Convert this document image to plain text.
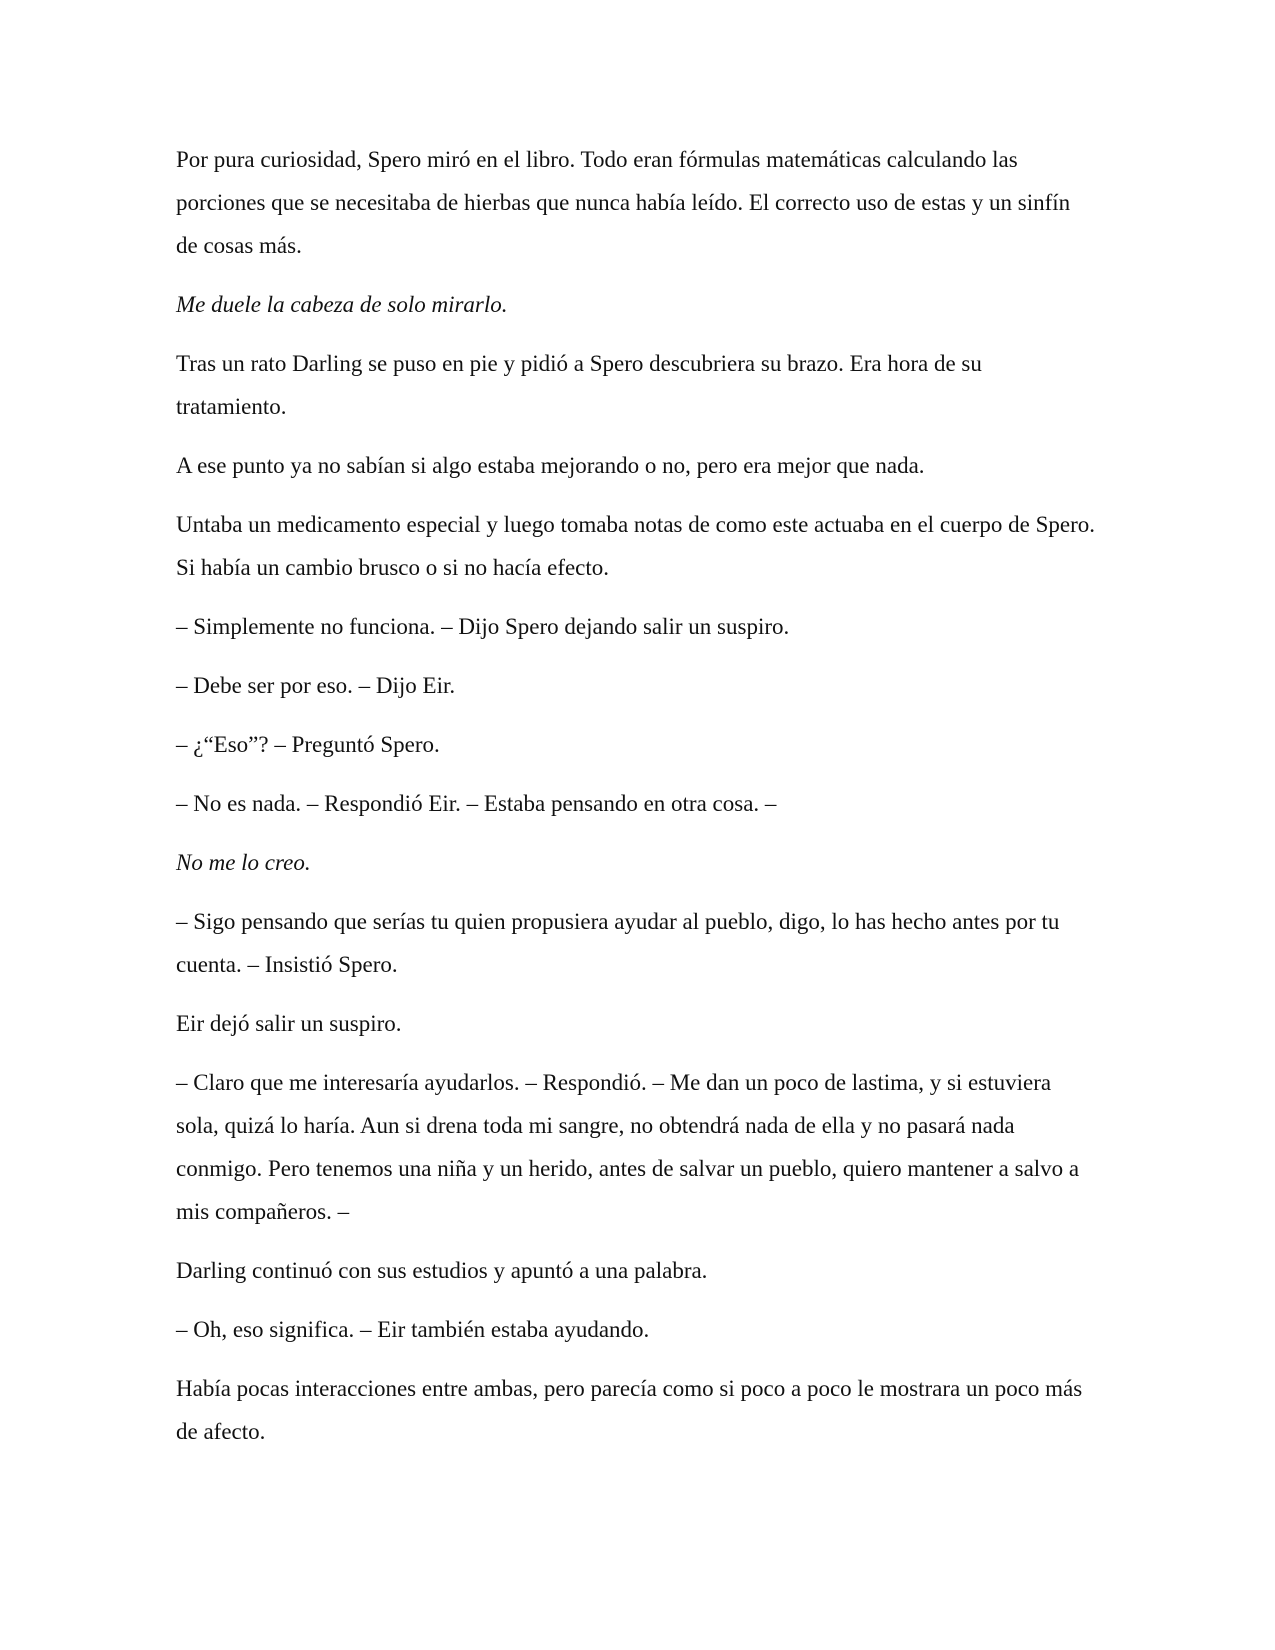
Por pura curiosidad, Spero miró en el libro. Todo eran fórmulas matemáticas calculando las porciones que se necesitaba de hierbas que nunca había leído. El correcto uso de estas y un sinfín de cosas más.

Me duele la cabeza de solo mirarlo.

Tras un rato Darling se puso en pie y pidió a Spero descubriera su brazo. Era hora de su tratamiento.

A ese punto ya no sabían si algo estaba mejorando o no, pero era mejor que nada.

Untaba un medicamento especial y luego tomaba notas de como este actuaba en el cuerpo de Spero. Si había un cambio brusco o si no hacía efecto.

– Simplemente no funciona. – Dijo Spero dejando salir un suspiro.

– Debe ser por eso. – Dijo Eir.

– ¿“Eso”? – Preguntó Spero.

– No es nada. – Respondió Eir. – Estaba pensando en otra cosa. –

No me lo creo.

– Sigo pensando que serías tu quien propusiera ayudar al pueblo, digo, lo has hecho antes por tu cuenta. – Insistió Spero.

Eir dejó salir un suspiro.

– Claro que me interesaría ayudarlos. – Respondió. – Me dan un poco de lastima, y si estuviera sola, quizá lo haría. Aun si drena toda mi sangre, no obtendrá nada de ella y no pasará nada conmigo. Pero tenemos una niña y un herido, antes de salvar un pueblo, quiero mantener a salvo a mis compañeros. –

Darling continuó con sus estudios y apuntó a una palabra.

– Oh, eso significa. – Eir también estaba ayudando.

Había pocas interacciones entre ambas, pero parecía como si poco a poco le mostrara un poco más de afecto.
